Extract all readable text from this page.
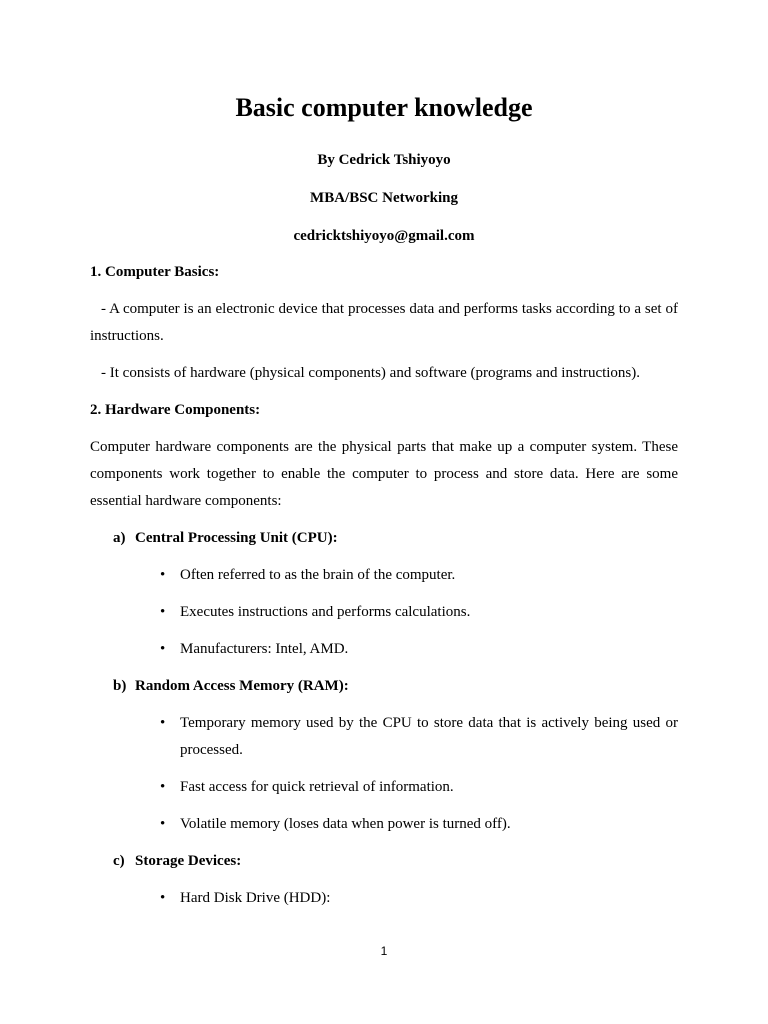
Basic computer knowledge
By Cedrick Tshiyoyo
MBA/BSC Networking
cedricktshiyoyo@gmail.com
1. Computer Basics:
- A computer is an electronic device that processes data and performs tasks according to a set of
instructions.
- It consists of hardware (physical components) and software (programs and instructions).
2. Hardware Components:
Computer hardware components are the physical parts that make up a computer system. These
components work together to enable the computer to process and store data. Here are some
essential hardware components:
a) Central Processing Unit (CPU):
• Often referred to as the brain of the computer.
• Executes instructions and performs calculations.
• Manufacturers: Intel, AMD.
b) Random Access Memory (RAM):
• Temporary memory used by the CPU to store data that is actively being used or
processed.
• Fast access for quick retrieval of information.
• Volatile memory (loses data when power is turned off).
c) Storage Devices:
• Hard Disk Drive (HDD):
1
